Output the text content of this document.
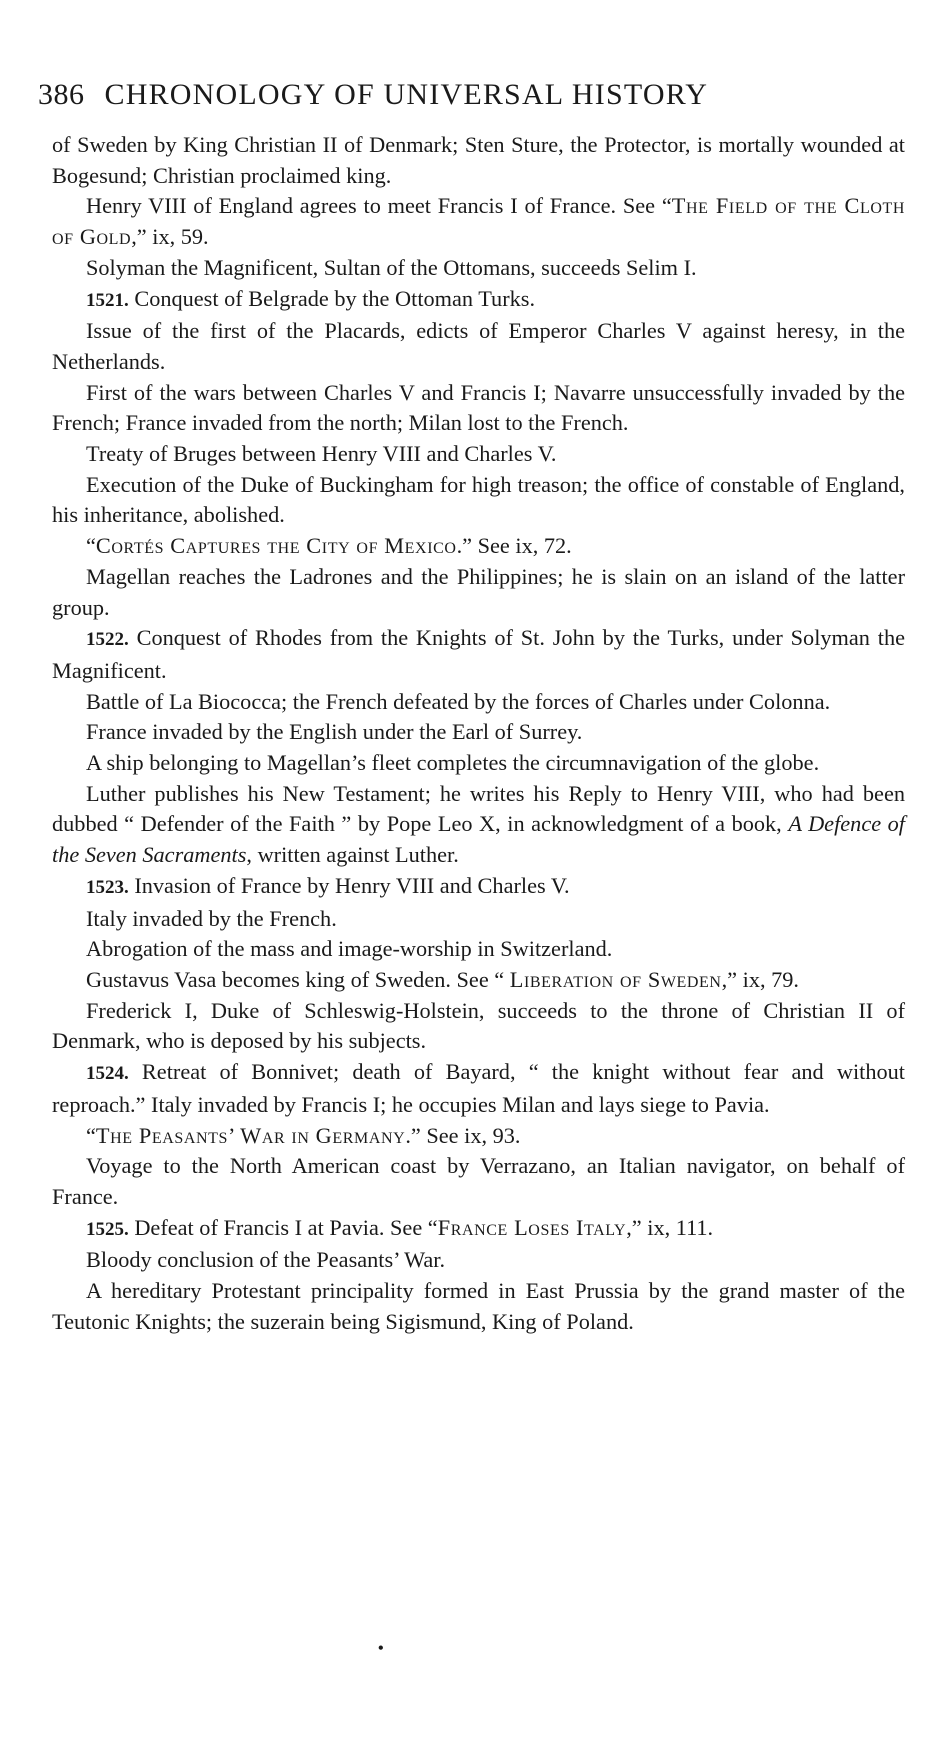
386 CHRONOLOGY OF UNIVERSAL HISTORY

of Sweden by King Christian II of Denmark; Sten Sture, the Protector, is mortally wounded at Bogesund; Christian proclaimed king.

Henry VIII of England agrees to meet Francis I of France. See “The Field of the Cloth of Gold,” ix, 59.

Solyman the Magnificent, Sultan of the Ottomans, succeeds Selim I.

1521. Conquest of Belgrade by the Ottoman Turks.

Issue of the first of the Placards, edicts of Emperor Charles V against heresy, in the Netherlands.

First of the wars between Charles V and Francis I; Navarre unsuccessfully invaded by the French; France invaded from the north; Milan lost to the French.

Treaty of Bruges between Henry VIII and Charles V.

Execution of the Duke of Buckingham for high treason; the office of constable of England, his inheritance, abolished.

“Cortés Captures the City of Mexico.” See ix, 72.

Magellan reaches the Ladrones and the Philippines; he is slain on an island of the latter group.

1522. Conquest of Rhodes from the Knights of St. John by the Turks, under Solyman the Magnificent.

Battle of La Biococca; the French defeated by the forces of Charles under Colonna.

France invaded by the English under the Earl of Surrey.

A ship belonging to Magellan’s fleet completes the circumnavigation of the globe.

Luther publishes his New Testament; he writes his Reply to Henry VIII, who had been dubbed “ Defender of the Faith ” by Pope Leo X, in acknowledgment of a book, A Defence of the Seven Sacraments, written against Luther.

1523. Invasion of France by Henry VIII and Charles V.

Italy invaded by the French.

Abrogation of the mass and image-worship in Switzerland.

Gustavus Vasa becomes king of Sweden. See “ Liberation of Sweden,” ix, 79.

Frederick I, Duke of Schleswig-Holstein, succeeds to the throne of Christian II of Denmark, who is deposed by his subjects.

1524. Retreat of Bonnivet; death of Bayard, “ the knight without fear and without reproach.” Italy invaded by Francis I; he occupies Milan and lays siege to Pavia.

“The Peasants’ War in Germany.” See ix, 93.

Voyage to the North American coast by Verrazano, an Italian navigator, on behalf of France.

1525. Defeat of Francis I at Pavia. See “France Loses Italy,” ix, 111.

Bloody conclusion of the Peasants’ War.

A hereditary Protestant principality formed in East Prussia by the grand master of the Teutonic Knights; the suzerain being Sigismund, King of Poland.

•
